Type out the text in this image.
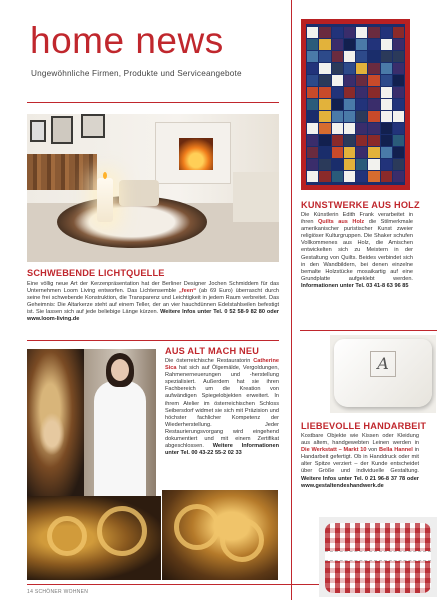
home news
Ungewöhnliche Firmen, Produkte und Serviceangebote
KUNSTWERKE AUS HOLZ
Die Künstlerin Edith Frank verarbeitet in ihren Quilts aus Holz die Stilmerkmale amerikanischer puristischer Kunst zweier religiöser Kulturgruppen. Die Shaker schufen Vollkommenes aus Holz, die Amischen entwickelten sich zu Meistern in der Gestaltung von Quilts. Beides verbindet sich in den Wandbildern, bei denen einzelne bemalte Holzstücke mosaikartig auf eine Grundplatte aufgeklebt werden. Informationen unter Tel. 03 41-8 63 96 85
SCHWEBENDE LICHTQUELLE
Eine völlig neue Art der Kerzenpräsentation hat der Berliner Designer Jochen Schmiddem für das Unternehmen Loom Living entworfen. Das Lichtensemble „feen“ (ab 69 Euro) überrascht durch seine frei schwebende Konstruktion, die Transparenz und Leichtigkeit in jedem Raum verbreitet. Das Geheimnis: Die Altarkerze steht auf einem Teller, der an vier hauchdünnen Edelstahlseilen befestigt ist. Sie lassen sich auf jede beliebige Länge kürzen. Weitere Infos unter Tel. 0 52 58-9 82 80 oder www.loom-living.de
AUS ALT MACH NEU
Die österreichische Restauratorin Catherine Sica hat sich auf Ölgemälde, Vergoldungen, Rahmenerneuerungen und -herstellung spezialisiert. Außerdem hat sie ihren Fachbereich um die Kreation von aufwändigen Spiegelobjekten erweitert. In ihrem Atelier im österreichischen Schloss Seibersdorf widmet sie sich mit Präzision und höchster fachlicher Kompetenz der Wiederherstellung. Jeder Restaurierungsvorgang wird eingehend dokumentiert und mit einem Zertifikat abgeschlossen. Weitere Informationen unter Tel. 00 43-22 55-2 02 33
A
LIEBEVOLLE HANDARBEIT
Kostbare Objekte wie Kissen oder Kleidung aus altem, handgewebten Leinen werden in Die Werkstatt – Markt 10 von Bella Hannel in Handarbeit gefertigt. Ob in Handdruck oder mit alter Spitze verziert – der Kunde entscheidet über Größe und individuelle Gestaltung. Weitere Infos unter Tel. 0 21 96-8 37 78 oder www.gestaltendeshandwerk.de
14 SCHÖNER WOHNEN
